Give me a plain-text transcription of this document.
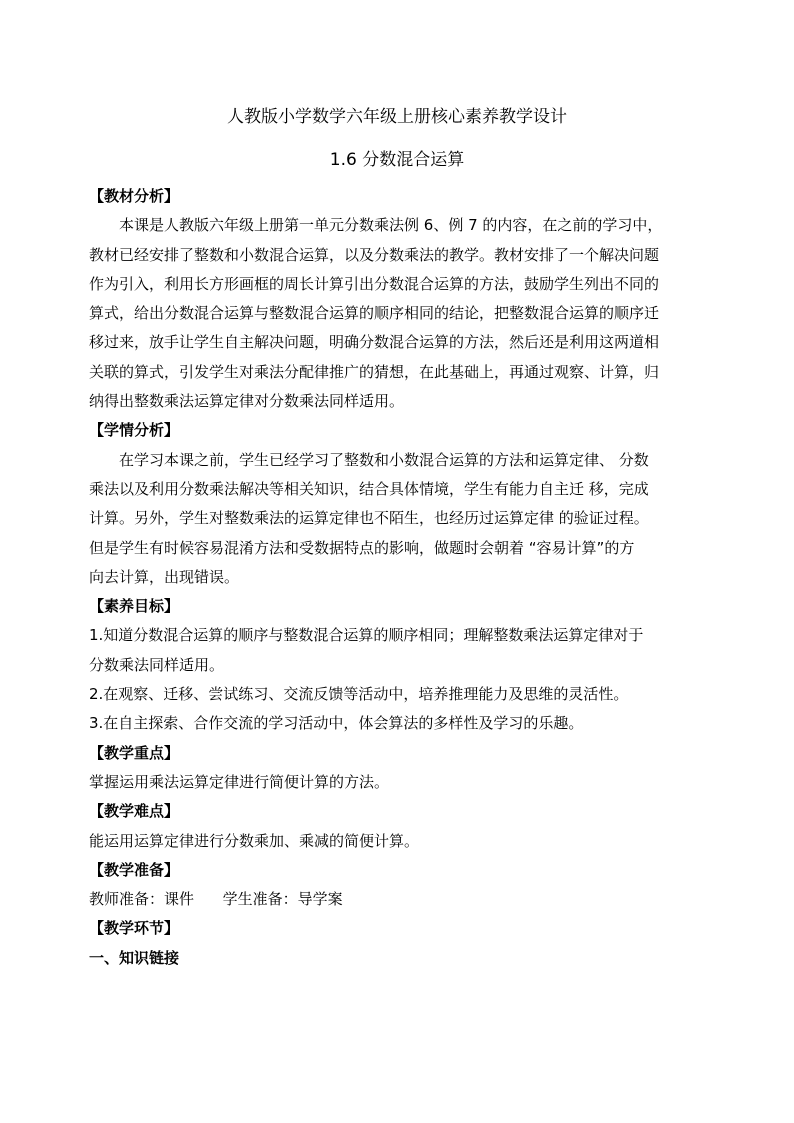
人教版小学数学六年级上册核心素养教学设计
1.6 分数混合运算

【教材分析】

本课是人教版六年级上册第一单元分数乘法例 6、例 7 的内容，在之前的学习中，

教材已经安排了整数和小数混合运算，以及分数乘法的教学。教材安排了一个解决问题

作为引入，利用长方形画框的周长计算引出分数混合运算的方法，鼓励学生列出不同的

算式，给出分数混合运算与整数混合运算的顺序相同的结论，把整数混合运算的顺序迁

移过来，放手让学生自主解决问题，明确分数混合运算的方法，然后还是利用这两道相

关联的算式，引发学生对乘法分配律推广的猜想，在此基础上，再通过观察、计算，归

纳得出整数乘法运算定律对分数乘法同样适用。

【学情分析】

在学习本课之前，学生已经学习了整数和小数混合运算的方法和运算定律、 分数

乘法以及利用分数乘法解决等相关知识，结合具体情境，学生有能力自主迁 移，完成

计算。另外，学生对整数乘法的运算定律也不陌生，也经历过运算定律 的验证过程。

但是学生有时候容易混淆方法和受数据特点的影响，做题时会朝着 “容易计算”的方

向去计算，出现错误。

【素养目标】

1.知道分数混合运算的顺序与整数混合运算的顺序相同；理解整数乘法运算定律对于

分数乘法同样适用。

2.在观察、迁移、尝试练习、交流反馈等活动中，培养推理能力及思维的灵活性。

3.在自主探索、合作交流的学习活动中，体会算法的多样性及学习的乐趣。

【教学重点】

掌握运用乘法运算定律进行简便计算的方法。

【教学难点】

能运用运算定律进行分数乘加、乘减的简便计算。

【教学准备】

教师准备：课件      学生准备：导学案

【教学环节】

一、知识链接
